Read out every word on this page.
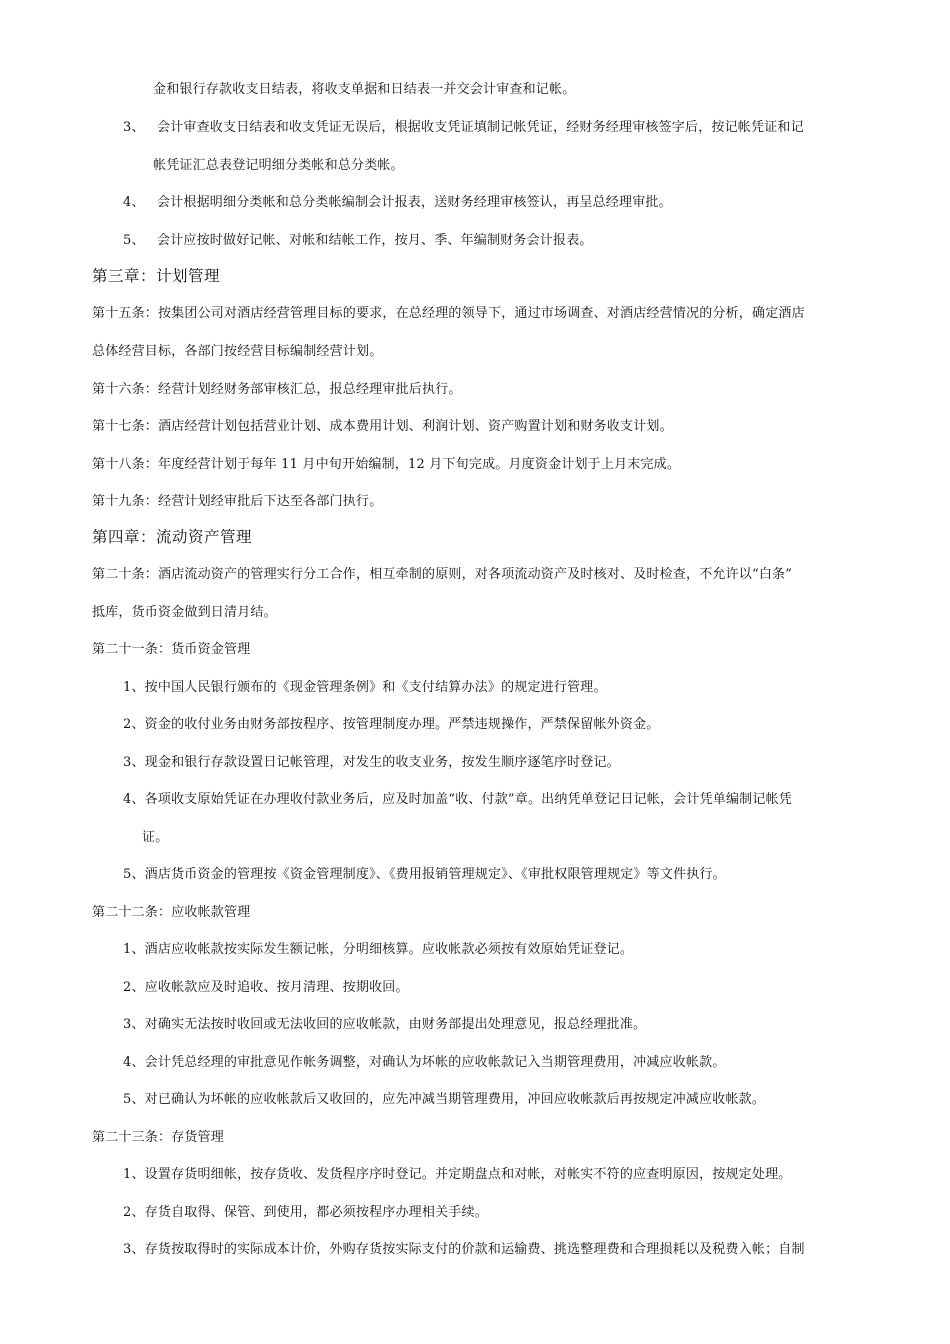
金和银行存款收支日结表，将收支单据和日结表一并交会计审查和记帐。
3、 会计审查收支日结表和收支凭证无误后，根据收支凭证填制记帐凭证，经财务经理审核签字后，按记帐凭证和记
帐凭证汇总表登记明细分类帐和总分类帐。
4、 会计根据明细分类帐和总分类帐编制会计报表，送财务经理审核签认，再呈总经理审批。
5、 会计应按时做好记帐、对帐和结帐工作，按月、季、年编制财务会计报表。
第三章：计划管理
第十五条：按集团公司对酒店经营管理目标的要求，在总经理的领导下，通过市场调查、对酒店经营情况的分析，确定酒店
总体经营目标，各部门按经营目标编制经营计划。
第十六条：经营计划经财务部审核汇总，报总经理审批后执行。
第十七条：酒店经营计划包括营业计划、成本费用计划、利润计划、资产购置计划和财务收支计划。
第十八条：年度经营计划于每年 11 月中旬开始编制，12 月下旬完成。月度资金计划于上月末完成。
第十九条：经营计划经审批后下达至各部门执行。
第四章：流动资产管理
第二十条：酒店流动资产的管理实行分工合作，相互牵制的原则，对各项流动资产及时核对、及时检查，不允许以“白条”
抵库，货币资金做到日清月结。
第二十一条：货币资金管理
1、按中国人民银行颁布的《现金管理条例》和《支付结算办法》的规定进行管理。
2、资金的收付业务由财务部按程序、按管理制度办理。严禁违规操作，严禁保留帐外资金。
3、现金和银行存款设置日记帐管理，对发生的收支业务，按发生顺序逐笔序时登记。
4、各项收支原始凭证在办理收付款业务后，应及时加盖“收、付款”章。出纳凭单登记日记帐，会计凭单编制记帐凭
证。
5、酒店货币资金的管理按《资金管理制度》、《费用报销管理规定》、《审批权限管理规定》等文件执行。
第二十二条：应收帐款管理
1、酒店应收帐款按实际发生额记帐，分明细核算。应收帐款必须按有效原始凭证登记。
2、应收帐款应及时追收、按月清理、按期收回。
3、对确实无法按时收回或无法收回的应收帐款，由财务部提出处理意见，报总经理批准。
4、会计凭总经理的审批意见作帐务调整，对确认为坏帐的应收帐款记入当期管理费用，冲减应收帐款。
5、对已确认为坏帐的应收帐款后又收回的，应先冲减当期管理费用，冲回应收帐款后再按规定冲减应收帐款。
第二十三条：存货管理
1、设置存货明细帐，按存货收、发货程序序时登记。并定期盘点和对帐，对帐实不符的应查明原因，按规定处理。
2、存货自取得、保管、到使用，都必须按程序办理相关手续。
3、存货按取得时的实际成本计价，外购存货按实际支付的价款和运输费、挑选整理费和合理损耗以及税费入帐；自制
